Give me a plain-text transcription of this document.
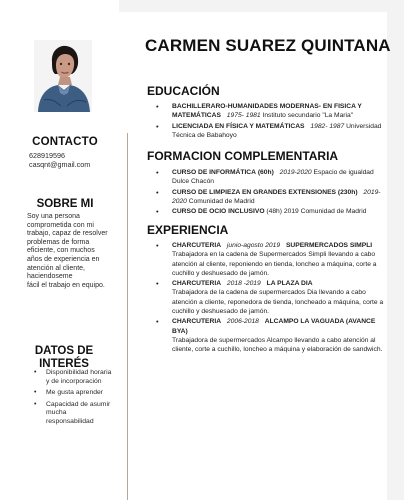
CONTACTO
628919596
casqnt@gmail.com
SOBRE MI
Soy una persona
comprometida con mi
trabajo, capaz de resolver
problemas de forma
eficiente, con muchos
años de experiencia en
atención al cliente,
haciendoseme
fácil el trabajo en equipo.
DATOS DE
INTERÉS
• Disponibilidad horaria y de incorporación
• Me gusta aprender
• Capacidad de asumir mucha responsabilidad
CARMEN SUAREZ QUINTANA
EDUCACIÓN
• BACHILLERARO-HUMANIDADES MODERNAS- EN FISICA Y MATEMÁTICAS 1975- 1981 Instituto secundario "La Maria"
• LICENCIADA EN FÍSICA Y MATEMÁTICAS 1982- 1987 Universidad Técnica de Babahoyo
FORMACION COMPLEMENTARIA
• CURSO DE INFORMÁTICA (60h) 2019-2020 Espacio de igualdad Dulce Chacón
• CURSO DE LIMPIEZA EN GRANDES EXTENSIONES (230h) 2019-2020 Comunidad de Madrid
• CURSO DE OCIO INCLUSIVO (48h) 2019 Comunidad de Madrid
EXPERIENCIA
• CHARCUTERIA junio-agosto 2019 SUPERMERCADOS SIMPLI
Trabajadora en la cadena de Supermercados Simpli llevando a cabo atención al cliente, reponiendo en tienda, loncheo a máquina, corte a cuchillo y deshuesado de jamón.
• CHARCUTERIA 2018 -2019 LA PLAZA DIA
Trabajadora de la cadena de supermercados Dia llevando a cabo atención a cliente, reponedora de tienda, loncheado a máquina, corte a cuchillo y deshuesado de jamón.
• CHARCUTERIA 2006-2018 ALCAMPO LA VAGUADA (AVANCE BYA)
Trabajadora de supermercados Alcampo llevando a cabo atención al cliente, corte a cuchillo, loncheo a máquina y elaboración de sandwich.
